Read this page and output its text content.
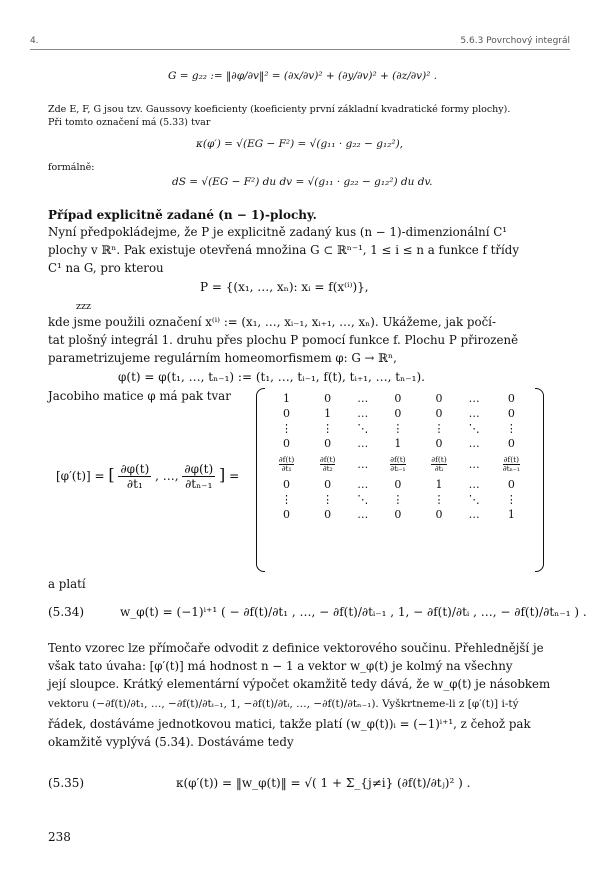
4.	5.6.3 Povrchový integrál
G = g₂₂ := ‖∂φ/∂v‖² = (∂x/∂v)² + (∂y/∂v)² + (∂z/∂v)² .
Zde E, F, G jsou tzv. Gaussovy koeficienty (koeficienty první základní kvadratické formy plochy).
Při tomto označení má (5.33) tvar
κ(φ′) = √(EG − F²) = √(g₁₁ · g₂₂ − g₁₂²),
formálně:
dS = √(EG − F²) du dv = √(g₁₁ · g₂₂ − g₁₂²) du dv.
Případ explicitně zadané (n − 1)-plochy.
Nyní předpokládejme, že P je explicitně zadaný kus (n − 1)-dimenzionální C¹
plochy v ℝⁿ. Pak existuje otevřená množina G ⊂ ℝⁿ⁻¹, 1 ≤ i ≤ n a funkce f třídy
C¹ na G, pro kterou
P = {(x₁, …, xₙ): xᵢ = f(x⁽ⁱ⁾)},
zzz
kde jsme použili označení x⁽ⁱ⁾ := (x₁, …, xᵢ₋₁, xᵢ₊₁, …, xₙ). Ukážeme, jak počí-
tat plošný integrál 1. druhu přes plochu P pomocí funkce f. Plochu P přirozeně
parametrizujeme regulárním homeomorfismem φ: G → ℝⁿ,
φ(t) = φ(t₁, …, tₙ₋₁) := (t₁, …, tᵢ₋₁, f(t), tᵢ₊₁, …, tₙ₋₁).
Jacobiho matice φ má pak tvar
[φ′(t)] = [ $\frac{\partial\varphi(t)}{\text{∂t₁}}$ , …, $\frac{\partial\varphi(t)}{\text{∂tₙ₋₁}}$ ] =
1	0	…	0	0	…	0
0	1	…	0	0	…	0
⋮	⋮	⋱	⋮	⋮	⋱	⋮
0	0	…	1	0	…	0

$\frac{\partial f(t)}{\text{∂t₁}}$	$\frac{\partial f(t)}{\text{∂t₂}}$	…	$\frac{\partial f(t)}{\text{∂tᵢ₋₁}}$	$\frac{\partial f(t)}{\text{∂tᵢ}}$	…	$\frac{\partial f(t)}{\text{∂tₙ₋₁}}$

0	0	…	0	1	…	0
⋮	⋮	⋱	⋮	⋮	⋱	⋮
0	0	…	0	0	…	1
a platí
(5.34)	w_φ(t) = (−1)ⁱ⁺¹ ( − ∂f(t)/∂t₁ , …, − ∂f(t)/∂tᵢ₋₁ , 1, − ∂f(t)/∂tᵢ , …, − ∂f(t)/∂tₙ₋₁ ) .
Tento vzorec lze přímočaře odvodit z definice vektorového součinu. Přehlednější je
však tato úvaha: [φ′(t)] má hodnost n − 1 a vektor w_φ(t) je kolmý na všechny
její sloupce. Krátký elementární výpočet okamžitě tedy dává, že w_φ(t) je násobkem
vektoru (−∂f(t)/∂t₁, …, −∂f(t)/∂tᵢ₋₁, 1, −∂f(t)/∂tᵢ, …, −∂f(t)/∂tₙ₋₁). Vyškrtneme-li z [φ′(t)] i-tý
řádek, dostáváme jednotkovou matici, takže platí (w_φ(t))ᵢ = (−1)ⁱ⁺¹, z čehož pak
okamžitě vyplývá (5.34). Dostáváme tedy
(5.35)	κ(φ′(t)) = ‖w_φ(t)‖ = √( 1 + Σ_{j≠i} (∂f(t)/∂tⱼ)² ) .
238
